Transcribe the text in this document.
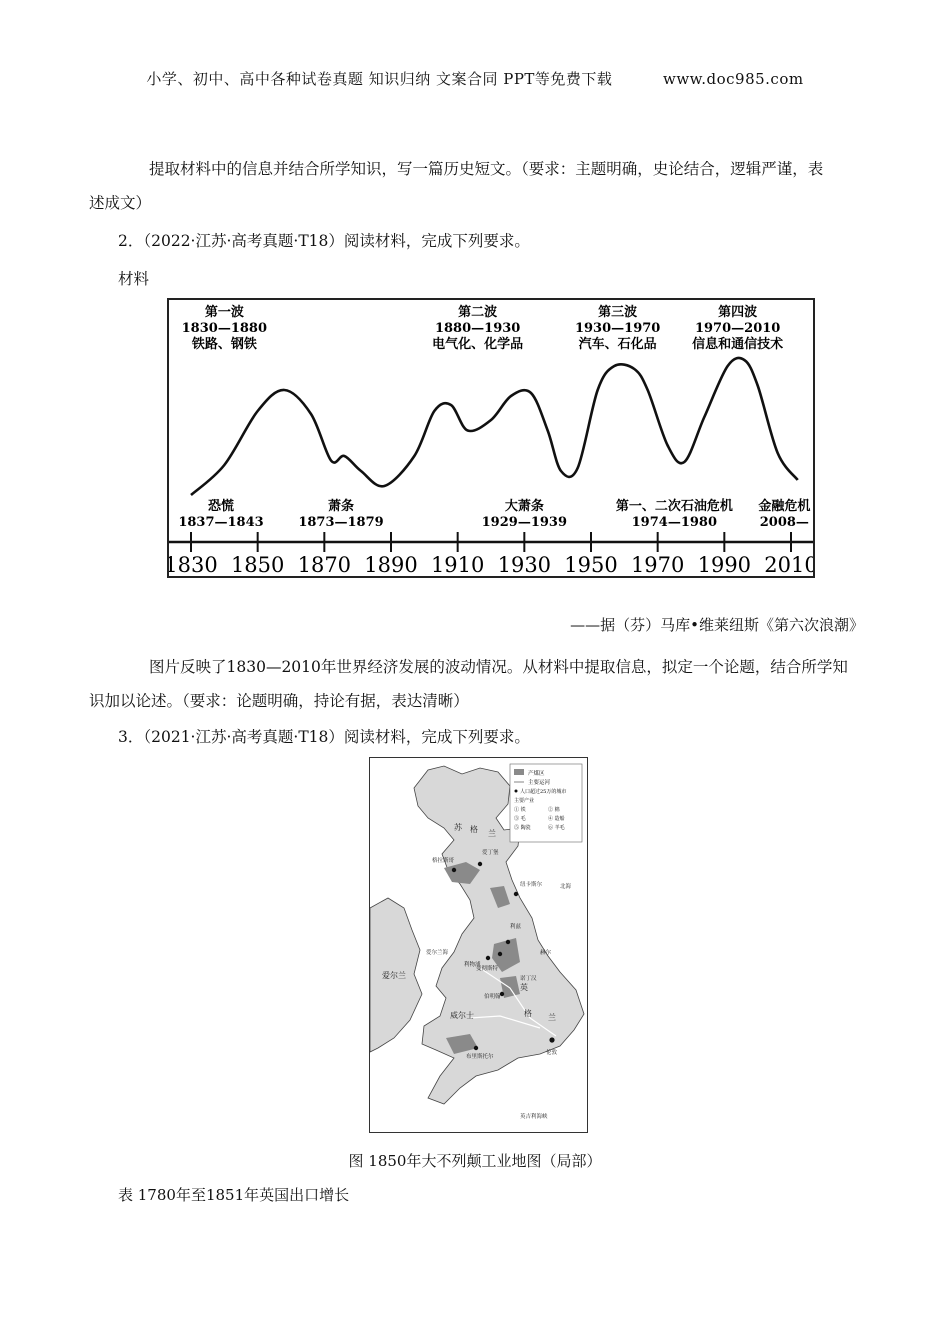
小学、初中、高中各种试卷真题 知识归纳 文案合同 PPT等免费下载	www.doc985.com
提取材料中的信息并结合所学知识，写一篇历史短文。（要求：主题明确，史论结合，逻辑严谨，表
述成文）
2．（2022·江苏·高考真题·T18）阅读材料，完成下列要求。
材料
第一波
1830—1880
铁路、钢铁
第二波
1880—1930
电气化、化学品
第三波
1930—1970
汽车、石化品
第四波
1970—2010
信息和通信技术
恐慌
1837—1843
萧条
1873—1879
大萧条
1929—1939
第一、二次石油危机
1974—1980
金融危机
2008—
1830 1850 1870 1890 1910 1930 1950 1970 1990 2010
——据（芬）马库•维莱纽斯《第六次浪潮》
图片反映了1830—2010年世界经济发展的波动情况。从材料中提取信息，拟定一个论题，结合所学知
识加以论述。（要求：论题明确，持论有据，表达清晰）
3．（2021·江苏·高考真题·T18）阅读材料，完成下列要求。
产煤区
主要运河
人口超过25万的城市
主要产业
① 铁	② 棉
③ 毛	④ 造船
⑤ 陶瓷	⑥ 羊毛
苏 格 兰
英
格 兰
威尔士
爱尔兰
北海
爱尔兰海
英吉利海峡
利物浦
曼彻斯特
伯明翰
诺丁汉
纽卡斯尔
利兹
格拉斯哥
爱丁堡
布里斯托尔
伦敦
赫尔
图 1850年大不列颠工业地图（局部）
表 1780年至1851年英国出口增长
